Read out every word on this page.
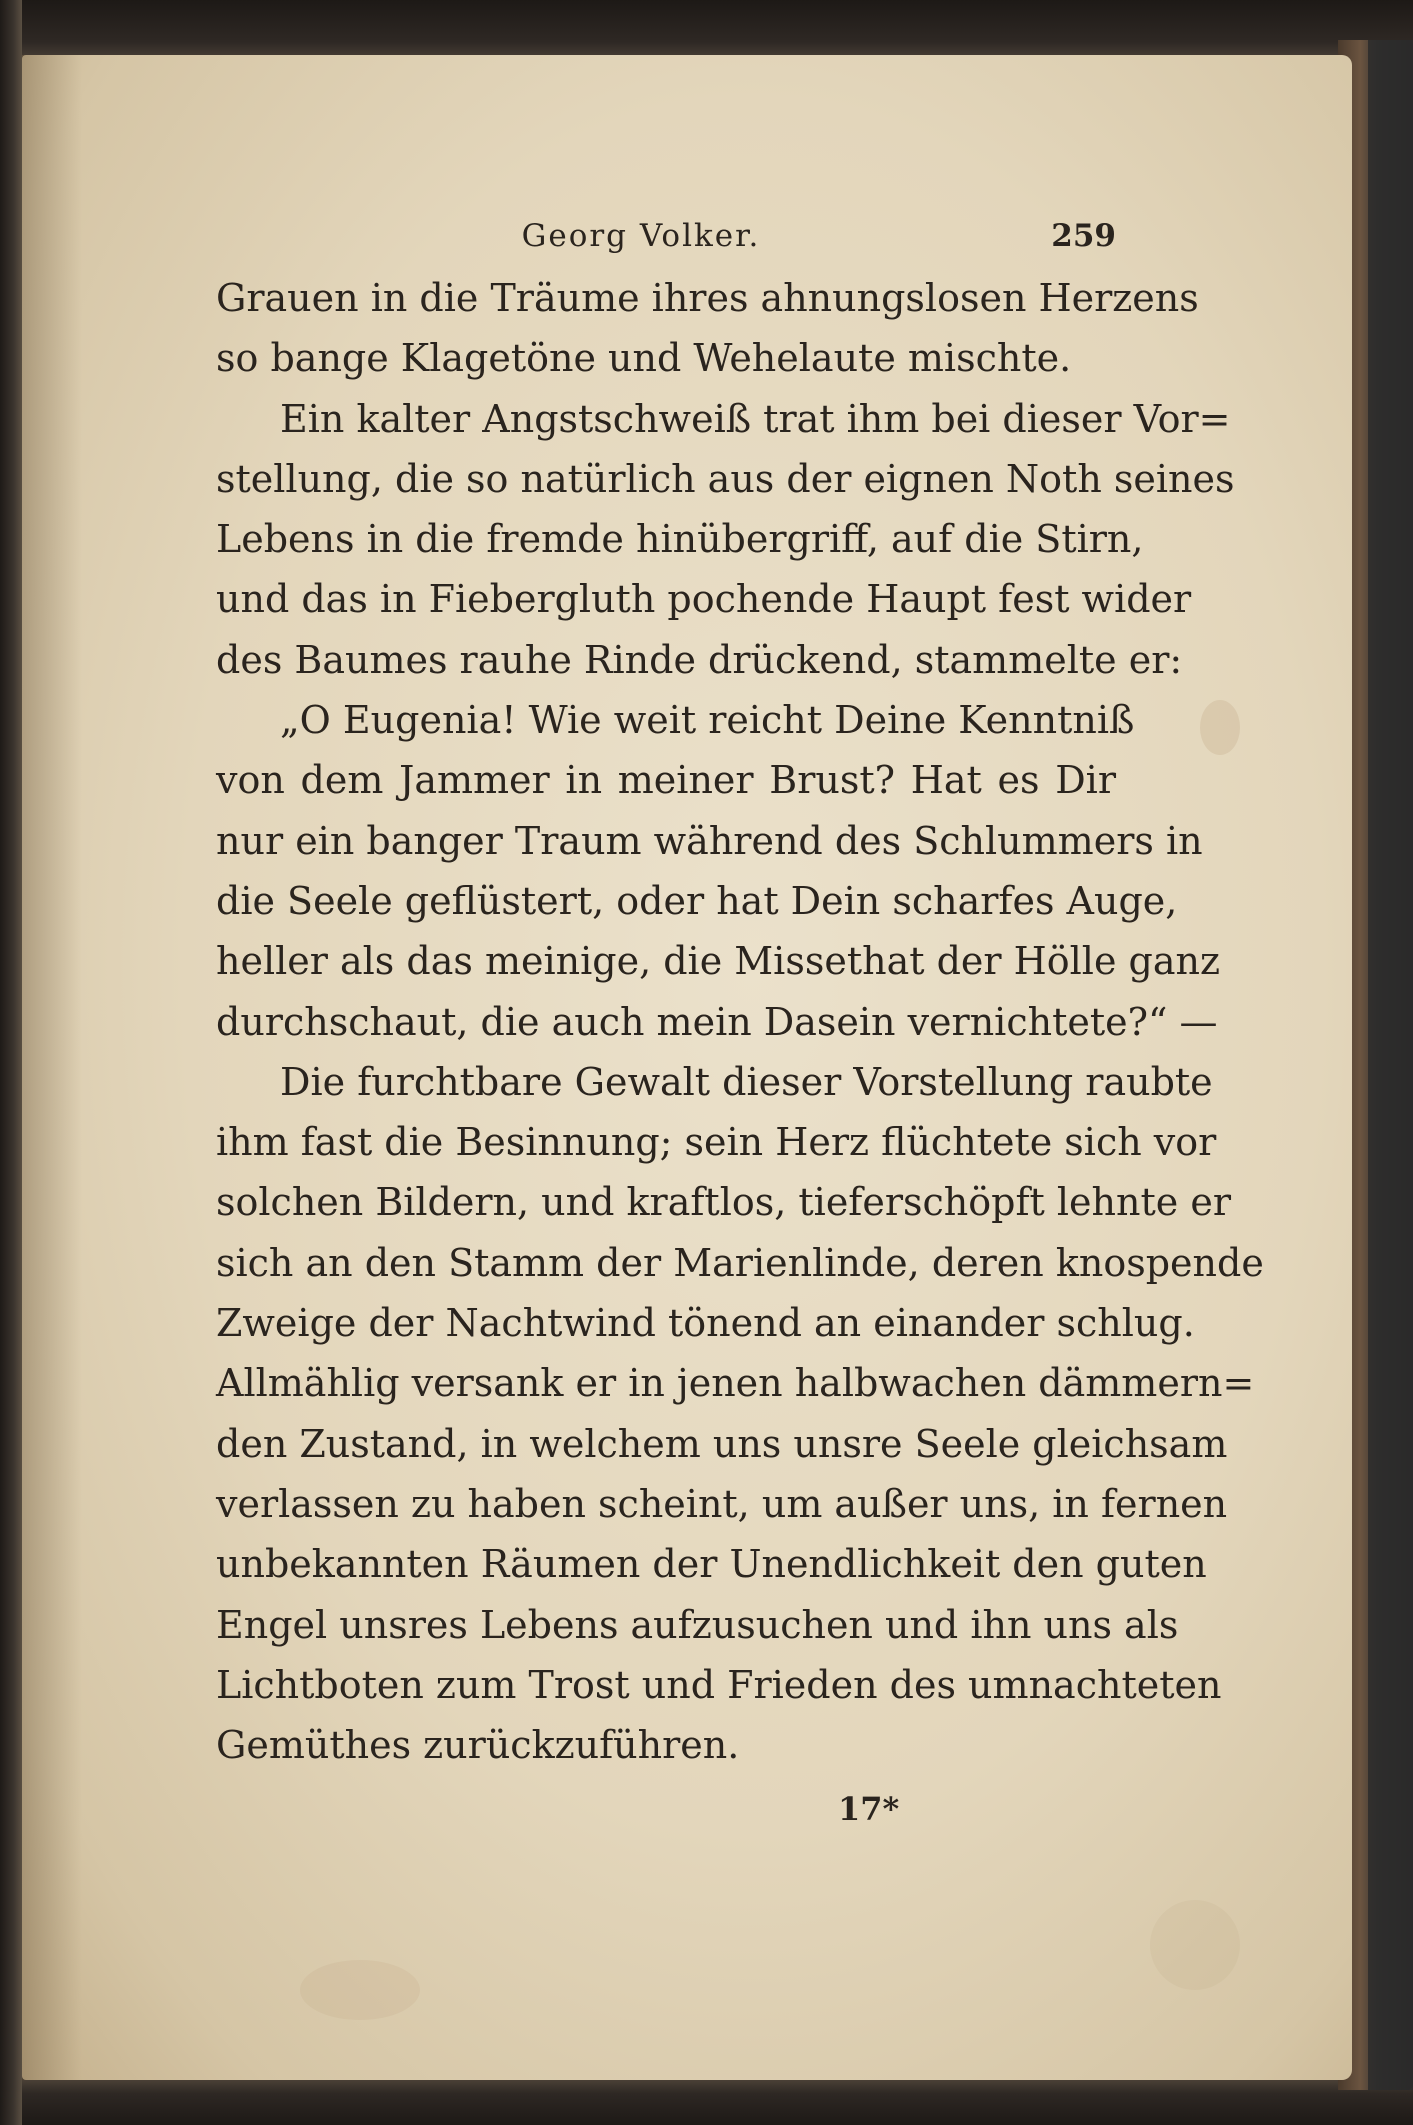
Georg Volker.	259
Grauen in die Träume ihres ahnungslosen Herzens
so bange Klagetöne und Wehelaute mischte.
Ein kalter Angstschweiß trat ihm bei dieser Vor=
stellung, die so natürlich aus der eignen Noth seines
Lebens in die fremde hinübergriff, auf die Stirn,
und das in Fiebergluth pochende Haupt fest wider
des Baumes rauhe Rinde drückend, stammelte er:
„O Eugenia! Wie weit reicht Deine Kenntniß
von dem Jammer in meiner Brust? Hat es Dir
nur ein banger Traum während des Schlummers in
die Seele geflüstert, oder hat Dein scharfes Auge,
heller als das meinige, die Missethat der Hölle ganz
durchschaut, die auch mein Dasein vernichtete?“ —
Die furchtbare Gewalt dieser Vorstellung raubte
ihm fast die Besinnung; sein Herz flüchtete sich vor
solchen Bildern, und kraftlos, tieferschöpft lehnte er
sich an den Stamm der Marienlinde, deren knospende
Zweige der Nachtwind tönend an einander schlug.
Allmählig versank er in jenen halbwachen dämmern=
den Zustand, in welchem uns unsre Seele gleichsam
verlassen zu haben scheint, um außer uns, in fernen
unbekannten Räumen der Unendlichkeit den guten
Engel unsres Lebens aufzusuchen und ihn uns als
Lichtboten zum Trost und Frieden des umnachteten
Gemüthes zurückzuführen.
17*
